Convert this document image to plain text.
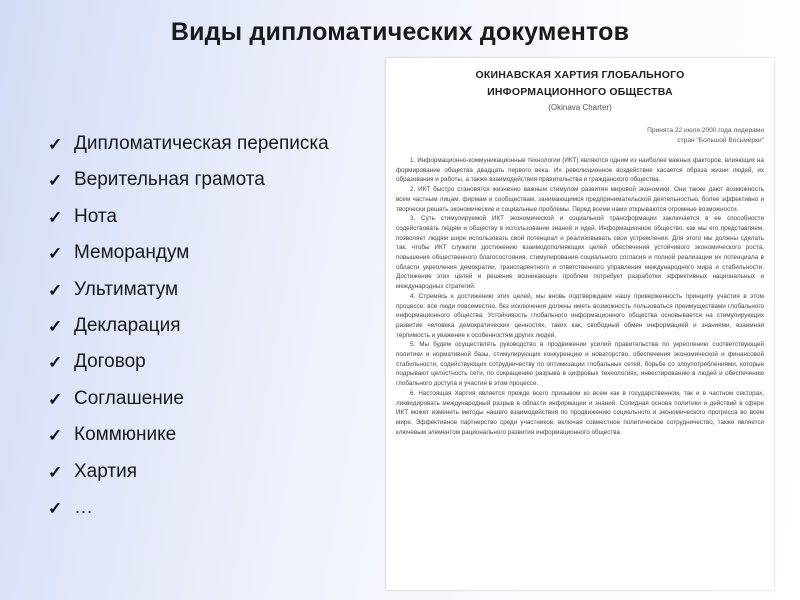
Виды дипломатических документов
✓ Дипломатическая переписка
✓ Верительная грамота
✓ Нота
✓ Меморандум
✓ Ультиматум
✓ Декларация
✓ Договор
✓ Соглашение
✓ Коммюнике
✓ Хартия
✓ …
ОКИНАВСКАЯ ХАРТИЯ ГЛОБАЛЬНОГО
ИНФОРМАЦИОННОГО ОБЩЕСТВА
(Okinava Charter)
Принята 22 июля 2000 года лидерами
стран "Большой Восьмерки"

1. Информационно-коммуникационные технологии (ИКТ) являются одним из наиболее важных факторов, влияющих на формирование общества двадцать первого века. Их революционное воздействие касается образа жизни людей, их образования и работы, а также взаимодействия правительства и гражданского общества.

2. ИКТ быстро становятся жизненно важным стимулом развития мировой экономики. Они также дают возможность всем частным лицам, фирмам и сообществам, занимающимся предпринимательской деятельностью, более эффективно и творчески решать экономические и социальные проблемы. Перед всеми нами открываются огромные возможности.

3. Суть стимулируемой ИКТ экономической и социальной трансформации заключается в ее способности содействовать людям и обществу в использовании знаний и идей. Информационное общество, как мы его представляем, позволяет людям шире использовать свой потенциал и реализовывать свои устремления. Для этого мы должны сделать так, чтобы ИКТ служили достижению взаимодополняющих целей обеспечения устойчивого экономического роста, повышения общественного благосостояния, стимулирования социального согласия и полной реализации их потенциала в области укрепления демократии, транспарентного и ответственного управления международного мира и стабильности. Достижение этих целей и решение возникающих проблем потребует разработки эффективных национальных и международных стратегий.

4. Стремясь к достижению этих целей, мы вновь подтверждаем нашу приверженность принципу участия в этом процессе: все люди повсеместно, без исключения должны иметь возможность пользоваться преимуществами глобального информационного общества. Устойчивость глобального информационного общества основывается на стимулирующих развитие человека демократических ценностях, таких как, свободный обмен информацией и знаниями, взаимная терпимость и уважение к особенностям других людей.

5. Мы будем осуществлять руководство в продвижении усилий правительства по укреплению соответствующей политики и нормативной базы, стимулирующих конкуренцию и новаторство, обеспечения экономической и финансовой стабильности, содействующих сотрудничеству по оптимизации глобальных сетей, борьбе со злоупотреблениями, которые подрывают целостность сети, по сокращению разрыва в цифровых технологиях, инвестированию в людей и обеспечению глобального доступа и участия в этом процессе.

6. Настоящая Хартия является прежде всего призывом ко всем как в государственном, так и в частном секторах, ликвидировать международный разрыв в области информации и знаний. Солидная основа политики и действий в сфере ИКТ может изменить методы нашего взаимодействия по продвижению социального и экономического прогресса во всем мире. Эффективное партнерство среди участников, включая совместное политическое сотрудничество, также является ключевым элементом рационального развития информационного общества.
